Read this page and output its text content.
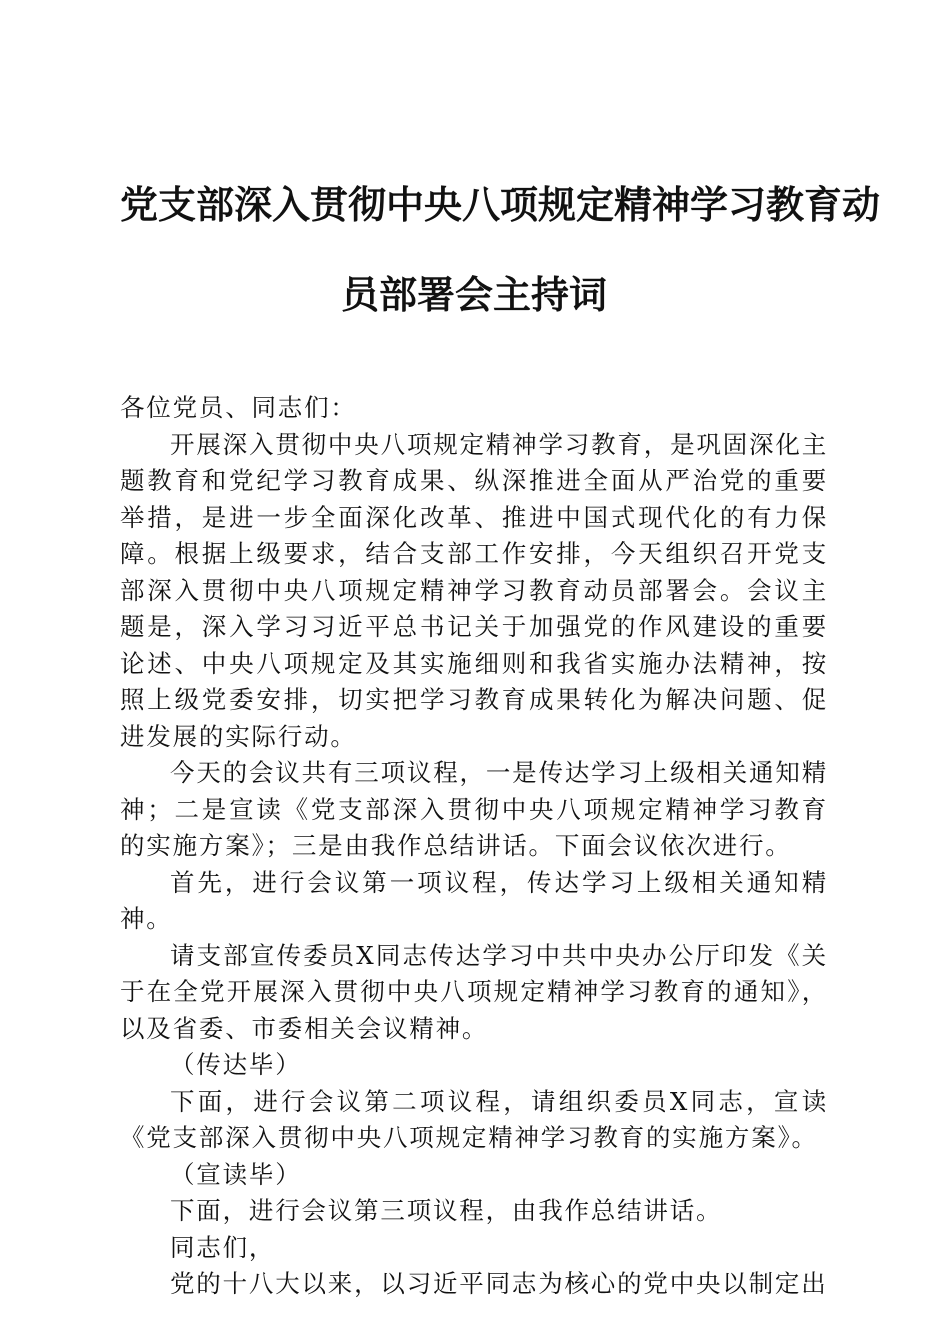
党支部深入贯彻中央八项规定精神学习教育动
员部署会主持词

各位党员、同志们：

开展深入贯彻中央八项规定精神学习教育，是巩固深化主题教育和党纪学习教育成果、纵深推进全面从严治党的重要举措，是进一步全面深化改革、推进中国式现代化的有力保障。根据上级要求，结合支部工作安排，今天组织召开党支部深入贯彻中央八项规定精神学习教育动员部署会。会议主题是，深入学习习近平总书记关于加强党的作风建设的重要论述、中央八项规定及其实施细则和我省实施办法精神，按照上级党委安排，切实把学习教育成果转化为解决问题、促进发展的实际行动。

今天的会议共有三项议程，一是传达学习上级相关通知精神；二是宣读《党支部深入贯彻中央八项规定精神学习教育的实施方案》；三是由我作总结讲话。下面会议依次进行。

首先，进行会议第一项议程，传达学习上级相关通知精神。

请支部宣传委员X同志传达学习中共中央办公厅印发《关于在全党开展深入贯彻中央八项规定精神学习教育的通知》，以及省委、市委相关会议精神。

（传达毕）

下面，进行会议第二项议程，请组织委员X同志，宣读《党支部深入贯彻中央八项规定精神学习教育的实施方案》。

（宣读毕）

下面，进行会议第三项议程，由我作总结讲话。

同志们，

党的十八大以来，以习近平同志为核心的党中央以制定出
